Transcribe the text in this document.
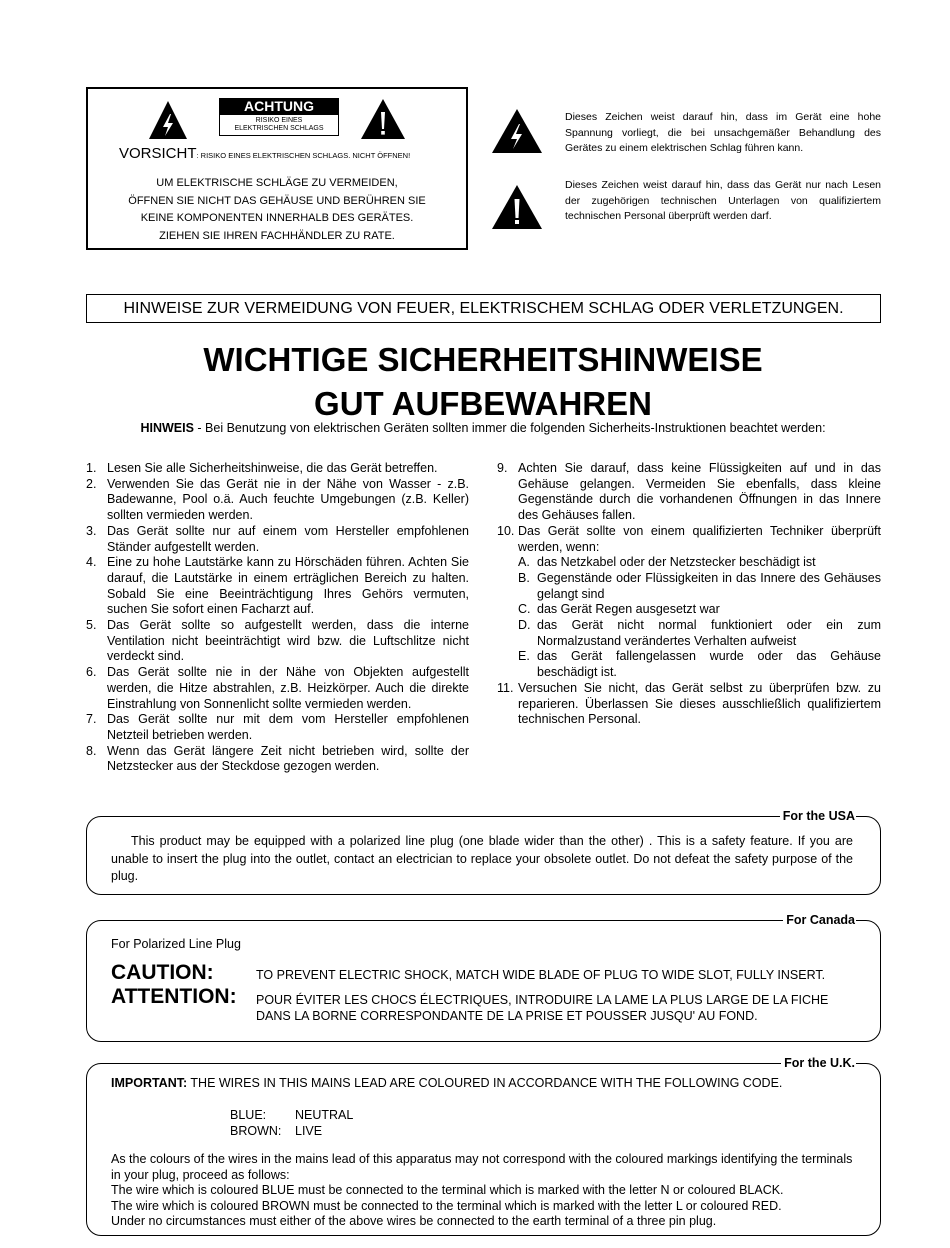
ACHTUNG
RISIKO EINES
ELEKTRISCHEN SCHLAGS
VORSICHT: RISIKO EINES ELEKTRISCHEN SCHLAGS. NICHT ÖFFNEN!
UM ELEKTRISCHE SCHLÄGE ZU VERMEIDEN,
ÖFFNEN SIE NICHT DAS GEHÄUSE UND BERÜHREN SIE
KEINE KOMPONENTEN INNERHALB DES GERÄTES.
ZIEHEN SIE IHREN FACHHÄNDLER ZU RATE.
Dieses Zeichen weist darauf hin, dass im Gerät eine hohe Spannung vorliegt, die bei unsachgemäßer Behandlung des Gerätes zu einem elektrischen Schlag führen kann.
Dieses Zeichen weist darauf hin, dass das Gerät nur nach Lesen der zugehörigen technischen Unterlagen von qualifiziertem technischen Personal überprüft werden darf.
HINWEISE ZUR VERMEIDUNG VON FEUER, ELEKTRISCHEM SCHLAG ODER VERLETZUNGEN.
WICHTIGE SICHERHEITSHINWEISE
GUT AUFBEWAHREN
HINWEIS - Bei Benutzung von elektrischen Geräten sollten immer die folgenden Sicherheits-Instruktionen beachtet werden:
1. Lesen Sie alle Sicherheitshinweise, die das Gerät betreffen.
2. Verwenden Sie das Gerät nie in der Nähe von Wasser - z.B. Badewanne, Pool o.ä. Auch feuchte Umgebungen (z.B. Keller) sollten vermieden werden.
3. Das Gerät sollte nur auf einem vom Hersteller empfohlenen Ständer aufgestellt werden.
4. Eine zu hohe Lautstärke kann zu Hörschäden führen. Achten Sie darauf, die Lautstärke in einem erträglichen Bereich zu halten. Sobald Sie eine Beeinträchtigung Ihres Gehörs vermuten, suchen Sie sofort einen Facharzt auf.
5. Das Gerät sollte so aufgestellt werden, dass die interne Ventilation nicht beeinträchtigt wird bzw. die Luftschlitze nicht verdeckt sind.
6. Das Gerät sollte nie in der Nähe von Objekten aufgestellt werden, die Hitze abstrahlen, z.B. Heizkörper. Auch die direkte Einstrahlung von Sonnenlicht sollte vermieden werden.
7. Das Gerät sollte nur mit dem vom Hersteller empfohlenen Netzteil betrieben werden.
8. Wenn das Gerät längere Zeit nicht betrieben wird, sollte der Netzstecker aus der Steckdose gezogen werden.
9. Achten Sie darauf, dass keine Flüssigkeiten auf und in das Gehäuse gelangen. Vermeiden Sie ebenfalls, dass kleine Gegenstände durch die vorhandenen Öffnungen in das Innere des Gehäuses fallen.
10. Das Gerät sollte von einem qualifizierten Techniker überprüft werden, wenn:
A. das Netzkabel oder der Netzstecker beschädigt ist
B. Gegenstände oder Flüssigkeiten in das Innere des Gehäuses gelangt sind
C. das Gerät Regen ausgesetzt war
D. das Gerät nicht normal funktioniert oder ein zum Normalzustand verändertes Verhalten aufweist
E. das Gerät fallengelassen wurde oder das Gehäuse beschädigt ist.
11. Versuchen Sie nicht, das Gerät selbst zu überprüfen bzw. zu reparieren. Überlassen Sie dieses ausschließlich qualifiziertem technischen Personal.
For the USA
This product may be equipped with a polarized line plug (one blade wider than the other) . This is a safety feature. If you are unable to insert the plug into the outlet, contact an electrician to replace your obsolete outlet. Do not defeat the safety purpose of the plug.
For Canada
For Polarized Line Plug
CAUTION:	TO PREVENT ELECTRIC SHOCK, MATCH WIDE BLADE OF PLUG TO WIDE SLOT, FULLY INSERT.
ATTENTION: POUR ÉVITER LES CHOCS ÉLECTRIQUES, INTRODUIRE LA LAME LA PLUS LARGE DE LA FICHE DANS LA BORNE CORRESPONDANTE DE LA PRISE ET POUSSER JUSQU' AU FOND.
For the U.K.
IMPORTANT: THE WIRES IN THIS MAINS LEAD ARE COLOURED IN ACCORDANCE WITH THE FOLLOWING CODE.
BLUE: NEUTRAL
BROWN: LIVE
As the colours of the wires in the mains lead of this apparatus may not correspond with the coloured markings identifying the terminals in your plug, proceed as follows:
The wire which is coloured BLUE must be connected to the terminal which is marked with the letter N or coloured BLACK.
The wire which is coloured BROWN must be connected to the terminal which is marked with the letter L or coloured RED.
Under no circumstances must either of the above wires be connected to the earth terminal of a three pin plug.
